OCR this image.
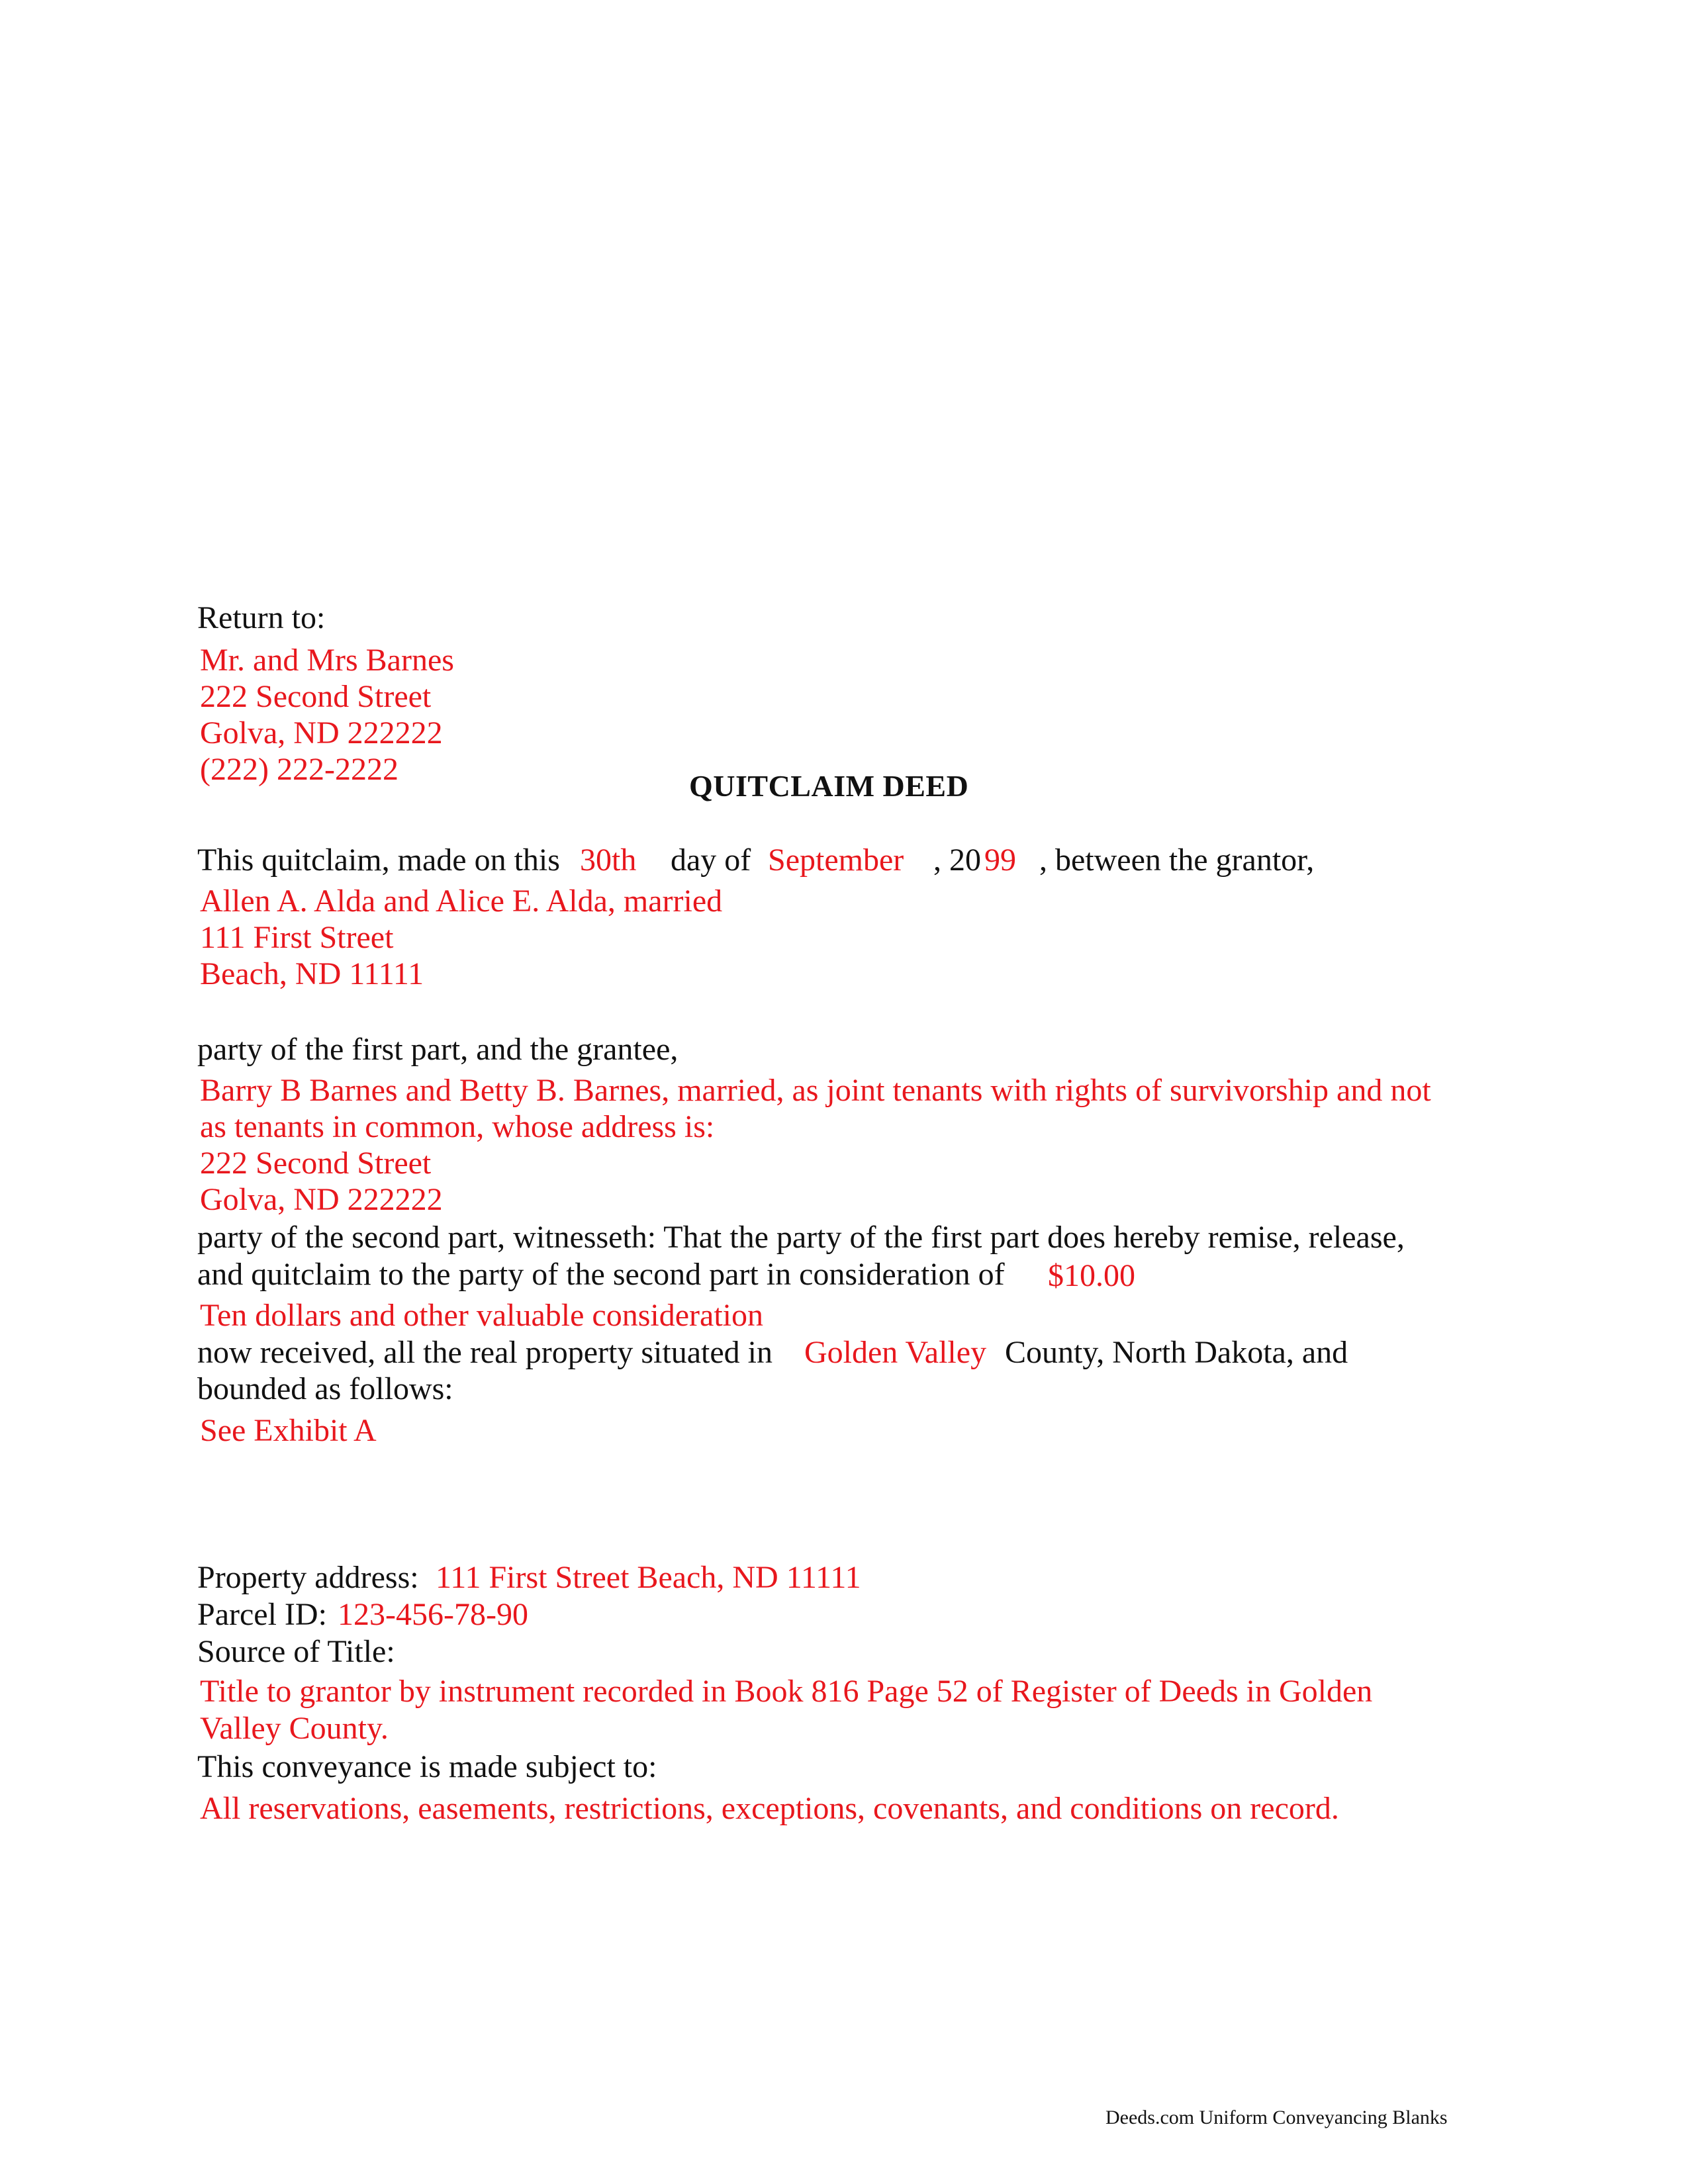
Return to:
Mr. and Mrs Barnes
222 Second Street
Golva, ND 222222
(222) 222-2222	QUITCLAIM DEED
This quitclaim, made on this 30th day of September , 20 99 , between the grantor,
Allen A. Alda and Alice E. Alda, married
111 First Street
Beach, ND 11111
party of the first part, and the grantee,
Barry B Barnes and Betty B. Barnes, married, as joint tenants with rights of survivorship and not
as tenants in common, whose address is:
222 Second Street
Golva, ND 222222
party of the second part, witnesseth: That the party of the first part does hereby remise, release,
and quitclaim to the party of the second part in consideration of $10.00
Ten dollars and other valuable consideration
now received, all the real property situated in Golden Valley County, North Dakota, and
bounded as follows:
See Exhibit A
Property address: 111 First Street Beach, ND 11111
Parcel ID: 123-456-78-90
Source of Title:
Title to grantor by instrument recorded in Book 816 Page 52 of Register of Deeds in Golden
Valley County.
This conveyance is made subject to:
All reservations, easements, restrictions, exceptions, covenants, and conditions on record.
Deeds.com Uniform Conveyancing Blanks
